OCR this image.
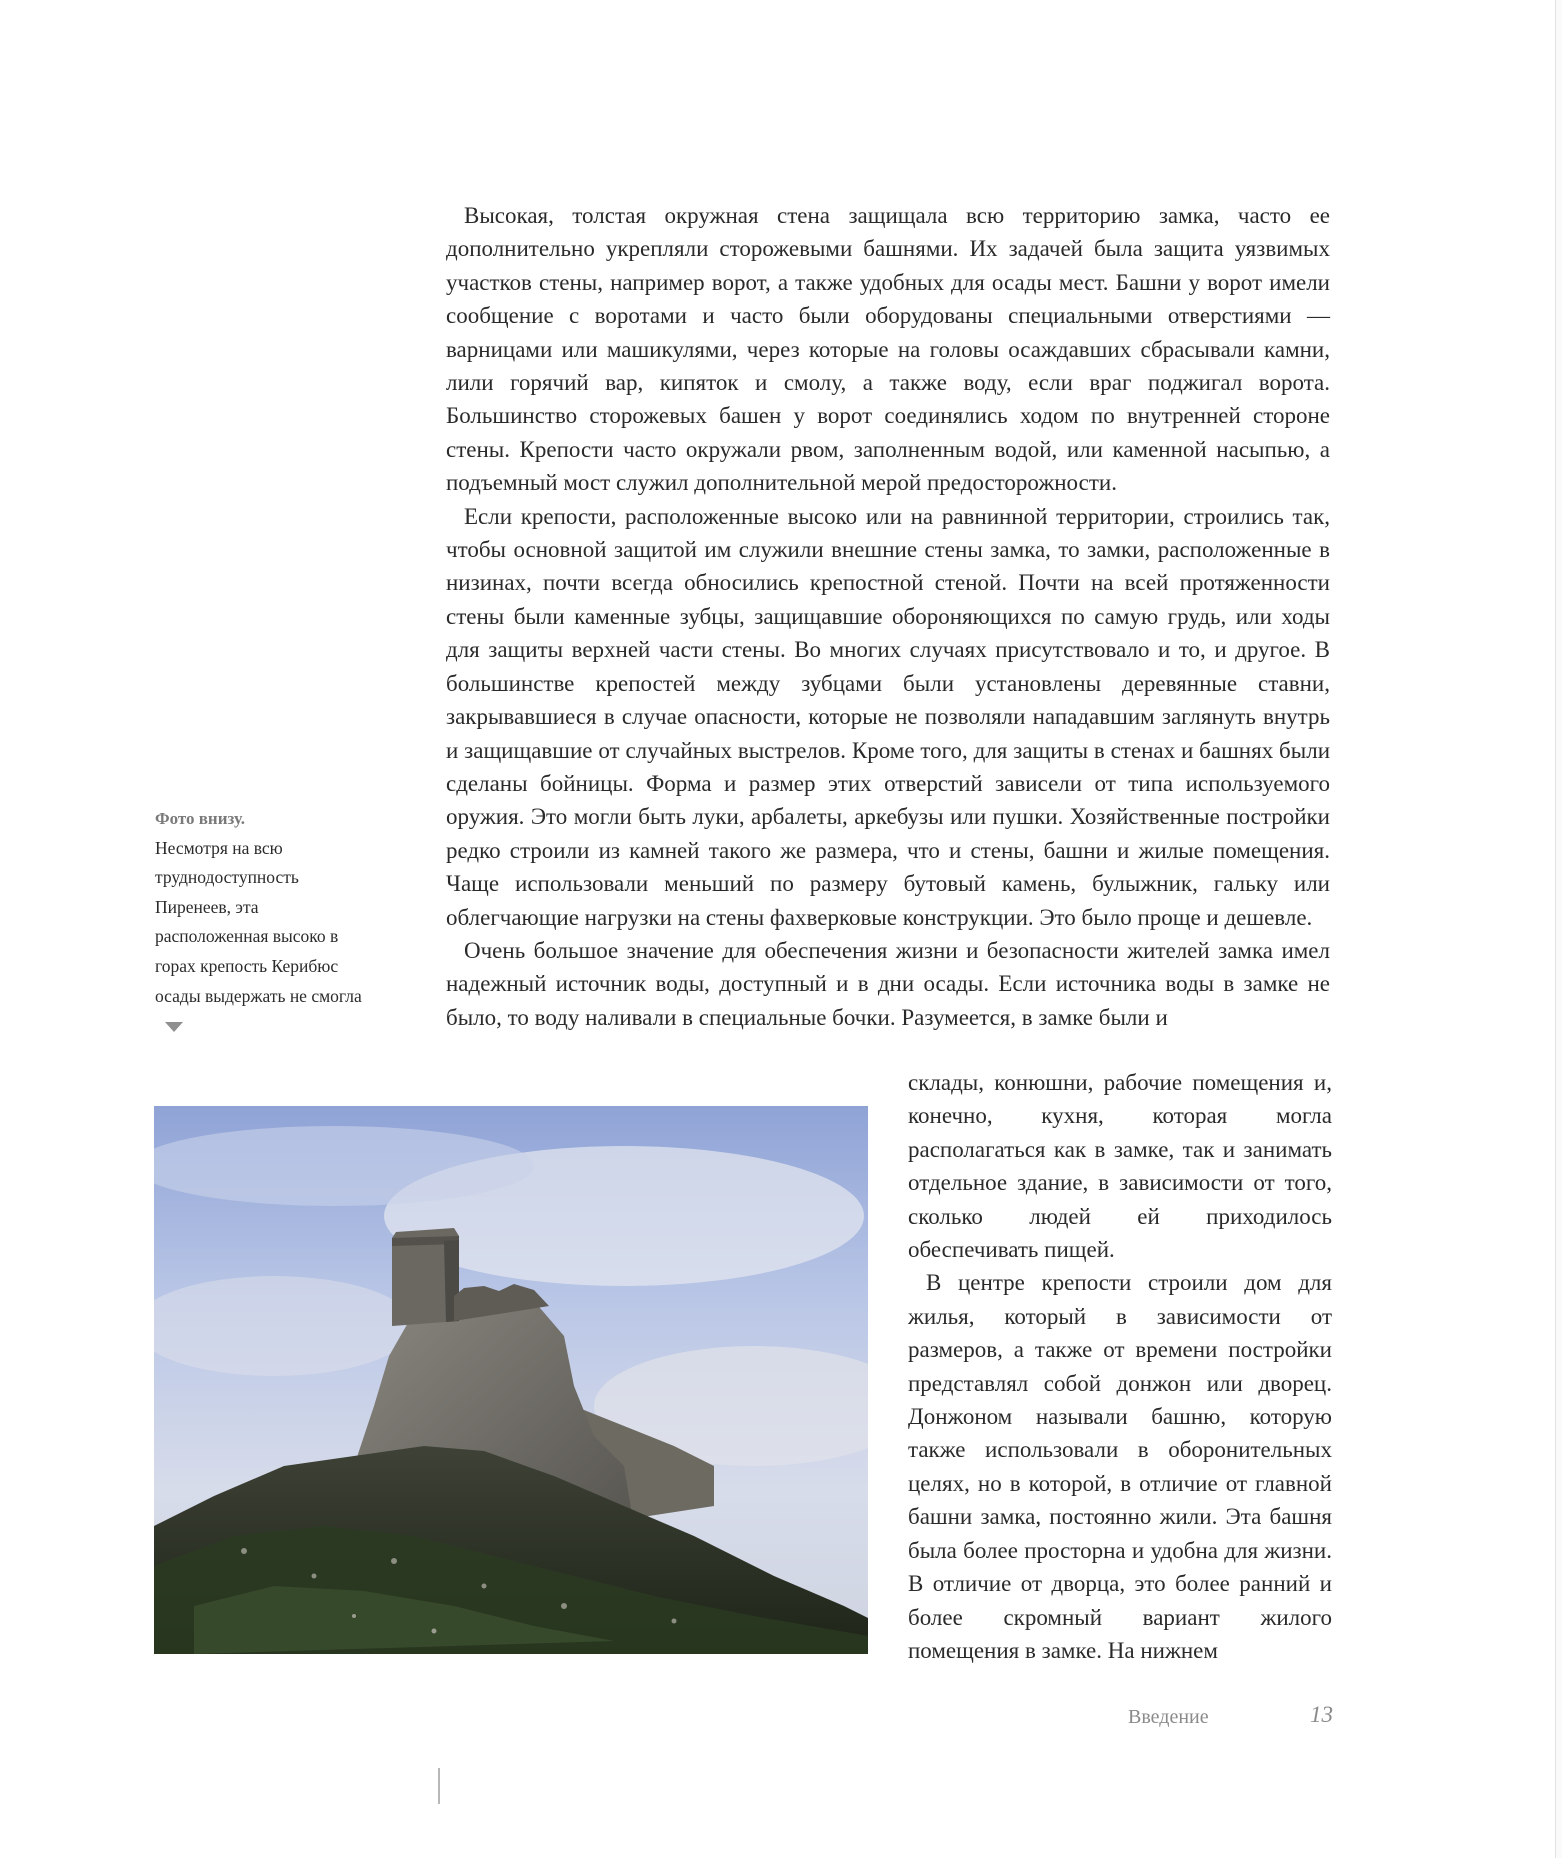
Высокая, толстая окружная стена защищала всю территорию замка, часто ее дополнительно укрепляли сторожевыми башнями. Их задачей была защита уязвимых участков стены, например ворот, а также удобных для осады мест. Башни у ворот имели сообщение с воротами и часто были оборудованы специальными отверстиями — варницами или машикулями, через которые на головы осаждавших сбрасывали камни, лили горячий вар, кипяток и смолу, а также воду, если враг поджигал ворота. Большинство сторожевых башен у ворот соединялись ходом по внутренней стороне стены. Крепости часто окружали рвом, заполненным водой, или каменной насыпью, а подъемный мост служил дополнительной мерой предосторожности.

Если крепости, расположенные высоко или на равнинной территории, строились так, чтобы основной защитой им служили внешние стены замка, то замки, расположенные в низинах, почти всегда обносились крепостной стеной. Почти на всей протяженности стены были каменные зубцы, защищавшие обороняющихся по самую грудь, или ходы для защиты верхней части стены. Во многих случаях присутствовало и то, и другое. В большинстве крепостей между зубцами были установлены деревянные ставни, закрывавшиеся в случае опасности, которые не позволяли нападавшим заглянуть внутрь и защищавшие от случайных выстрелов. Кроме того, для защиты в стенах и башнях были сделаны бойницы. Форма и размер этих отверстий зависели от типа используемого оружия. Это могли быть луки, арбалеты, аркебузы или пушки. Хозяйственные постройки редко строили из камней такого же размера, что и стены, башни и жилые помещения. Чаще использовали меньший по размеру бутовый камень, булыжник, гальку или облегчающие нагрузки на стены фахверковые конструкции. Это было проще и дешевле.

Очень большое значение для обеспечения жизни и безопасности жителей замка имел надежный источник воды, доступный и в дни осады. Если источника воды в замке не было, то воду наливали в специальные бочки. Разумеется, в замке были и

Фото внизу.
Несмотря на всю труднодоступность Пиренеев, эта расположенная высоко в горах крепость Керибюс осады выдержать не смогла

склады, конюшни, рабочие помещения и, конечно, кухня, которая могла располагаться как в замке, так и занимать отдельное здание, в зависимости от того, сколько людей ей приходилось обеспечивать пищей.

В центре крепости строили дом для жилья, который в зависимости от размеров, а также от времени постройки представлял собой донжон или дворец. Донжоном называли башню, которую также использовали в оборонительных целях, но в которой, в отличие от главной башни замка, постоянно жили. Эта башня была более просторна и удобна для жизни. В отличие от дворца, это более ранний и более скромный вариант жилого помещения в замке. На нижнем

Введение	13
